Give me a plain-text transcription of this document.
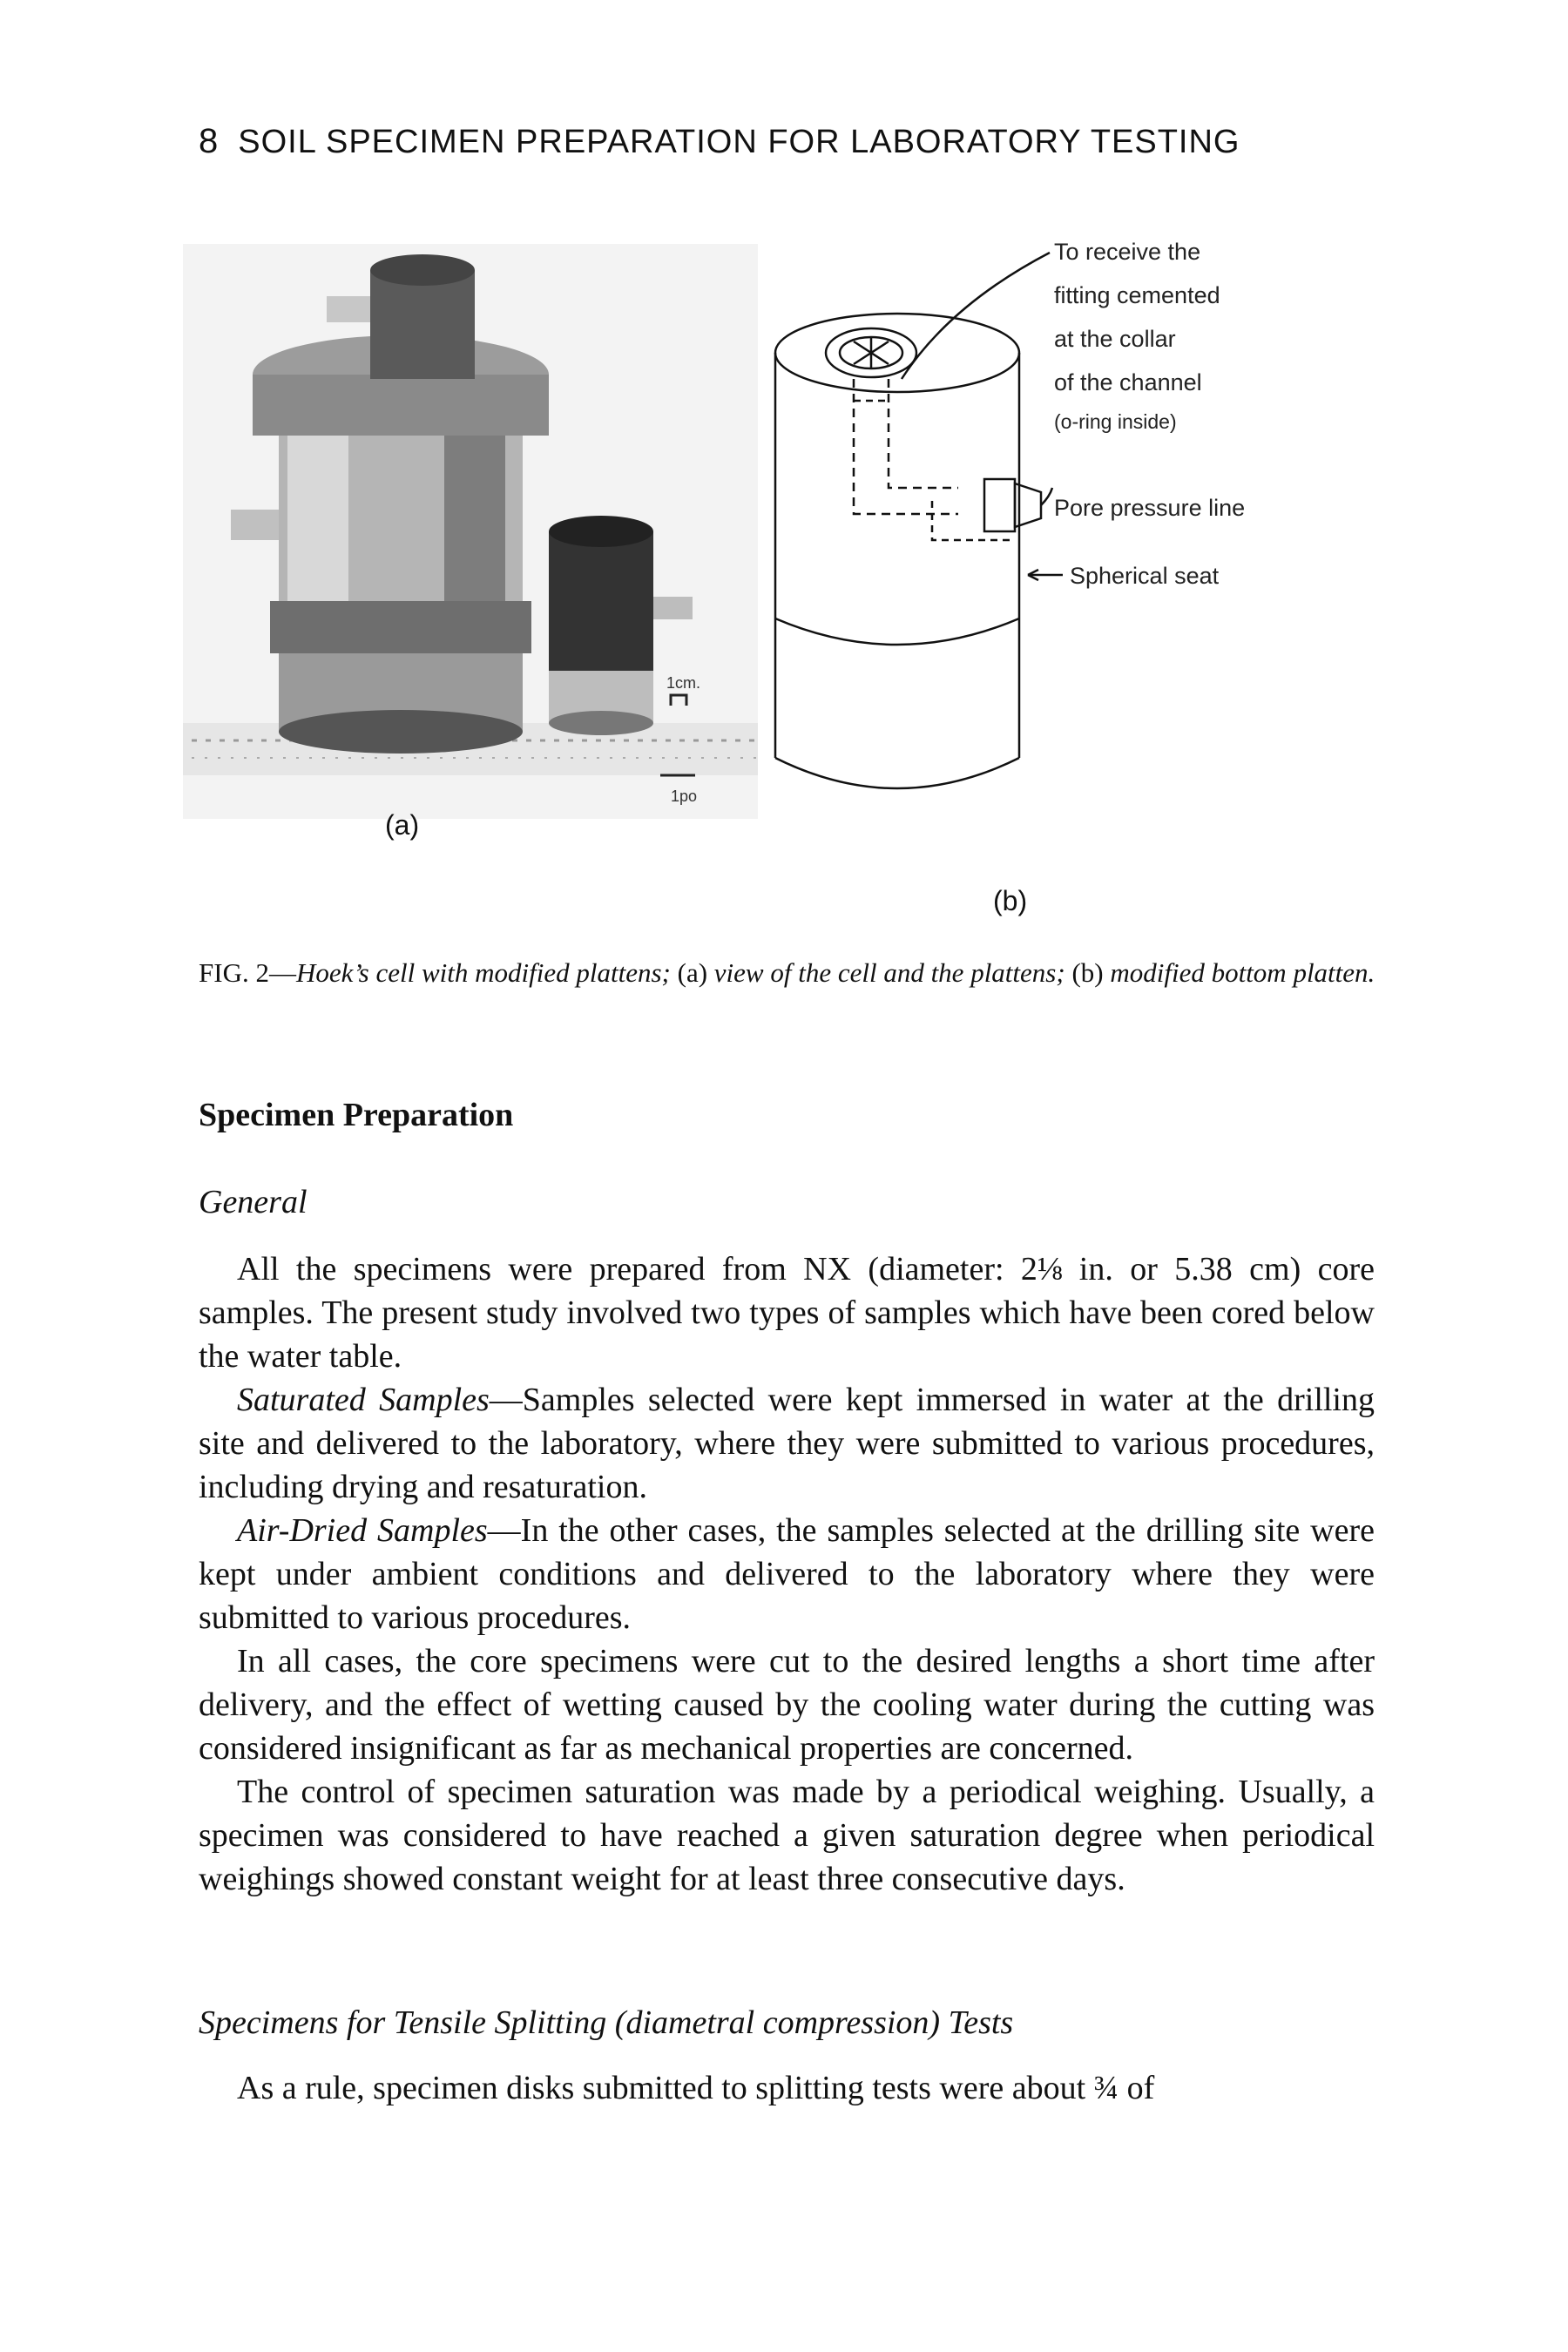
8 SOIL SPECIMEN PREPARATION FOR LABORATORY TESTING
1cm.
1po
(a)
To receive the
fitting cemented
at the collar
of the channel
(o-ring inside)
Pore pressure line
Spherical seat
(b)
FIG. 2—Hoek’s cell with modified plattens; (a) view of the cell and the plattens; (b) modified bottom platten.
Specimen Preparation
General

All the specimens were prepared from NX (diameter: 2⅛ in. or 5.38 cm) core samples. The present study involved two types of samples which have been cored below the water table.

Saturated Samples—Samples selected were kept immersed in water at the drilling site and delivered to the laboratory, where they were submitted to various procedures, including drying and resaturation.

Air-Dried Samples—In the other cases, the samples selected at the drilling site were kept under ambient conditions and delivered to the laboratory where they were submitted to various procedures.

In all cases, the core specimens were cut to the desired lengths a short time after delivery, and the effect of wetting caused by the cooling water during the cutting was considered insignificant as far as mechanical properties are concerned.

The control of specimen saturation was made by a periodical weighing. Usually, a specimen was considered to have reached a given saturation degree when periodical weighings showed constant weight for at least three consecutive days.

Specimens for Tensile Splitting (diametral compression) Tests

As a rule, specimen disks submitted to splitting tests were about ¾ of
